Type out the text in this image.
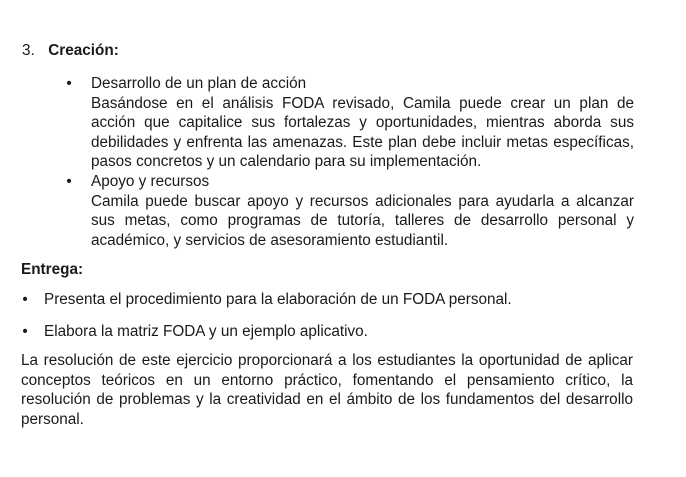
3. Creación:
• Desarrollo de un plan de acción
Basándose en el análisis FODA revisado, Camila puede crear un plan de acción que capitalice sus fortalezas y oportunidades, mientras aborda sus debilidades y enfrenta las amenazas. Este plan debe incluir metas específicas, pasos concretos y un calendario para su implementación.
• Apoyo y recursos
Camila puede buscar apoyo y recursos adicionales para ayudarla a alcanzar sus metas, como programas de tutoría, talleres de desarrollo personal y académico, y servicios de asesoramiento estudiantil.
Entrega:
• Presenta el procedimiento para la elaboración de un FODA personal.
• Elabora la matriz FODA y un ejemplo aplicativo.
La resolución de este ejercicio proporcionará a los estudiantes la oportunidad de aplicar conceptos teóricos en un entorno práctico, fomentando el pensamiento crítico, la resolución de problemas y la creatividad en el ámbito de los fundamentos del desarrollo personal.
